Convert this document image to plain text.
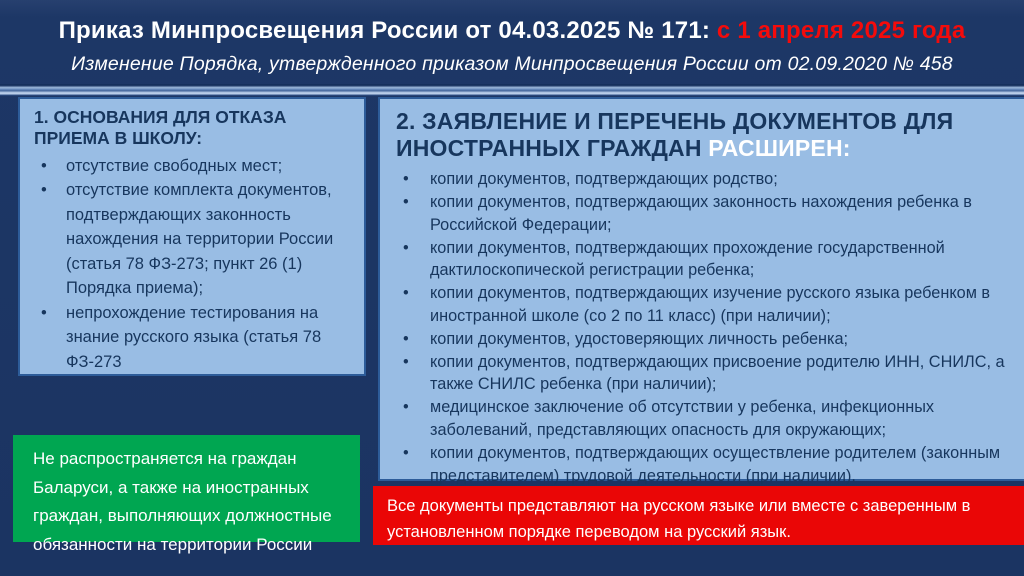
Приказ Минпросвещения России от 04.03.2025 № 171: с 1 апреля 2025 года
Изменение Порядка, утвержденного приказом Минпросвещения России от 02.09.2020 № 458
1. ОСНОВАНИЯ ДЛЯ ОТКАЗА ПРИЕМА В ШКОЛУ:
• отсутствие свободных мест;
• отсутствие комплекта документов, подтверждающих законность нахождения на территории России (статья 78 ФЗ-273; пункт 26 (1) Порядка приема);
• непрохождение тестирования на знание русского языка (статья 78 ФЗ-273
2. ЗАЯВЛЕНИЕ И ПЕРЕЧЕНЬ ДОКУМЕНТОВ ДЛЯ ИНОСТРАННЫХ ГРАЖДАН РАСШИРЕН:
• копии документов, подтверждающих родство;
• копии документов, подтверждающих законность нахождения ребенка в Российской Федерации;
• копии документов, подтверждающих прохождение государственной дактилоскопической регистрации ребенка;
• копии документов, подтверждающих изучение русского языка ребенком в иностранной школе (со 2 по 11 класс) (при наличии);
• копии документов, удостоверяющих личность ребенка;
• копии документов, подтверждающих присвоение родителю ИНН, СНИЛС, а также СНИЛС ребенка (при наличии);
• медицинское заключение об отсутствии у ребенка, инфекционных заболеваний, представляющих опасность для окружающих;
• копии документов, подтверждающих осуществление родителем (законным представителем) трудовой деятельности (при наличии).
Не распространяется на граждан Баларуси, а также на иностранных граждан, выполняющих должностные обязанности на территории России
Все документы представляют на русском языке или вместе с заверенным в установленном порядке переводом на русский язык.
